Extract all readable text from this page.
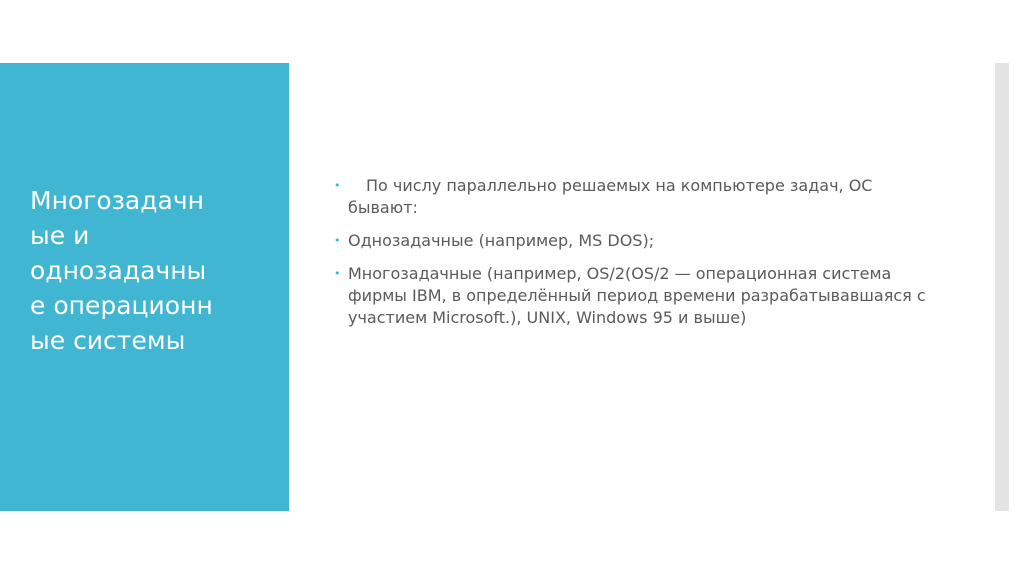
Многозадачн
ые и
однозадачны
е операционн
ые системы
•	По числу параллельно решаемых на компьютере задач, ОС бывают:
• Однозадачные (например, MS DOS);
• Многозадачные (например, OS/2(OS/2 — операционная система фирмы IBM, в определённый период времени разрабатывавшаяся с участием Microsoft.), UNIX, Windows 95 и выше)
